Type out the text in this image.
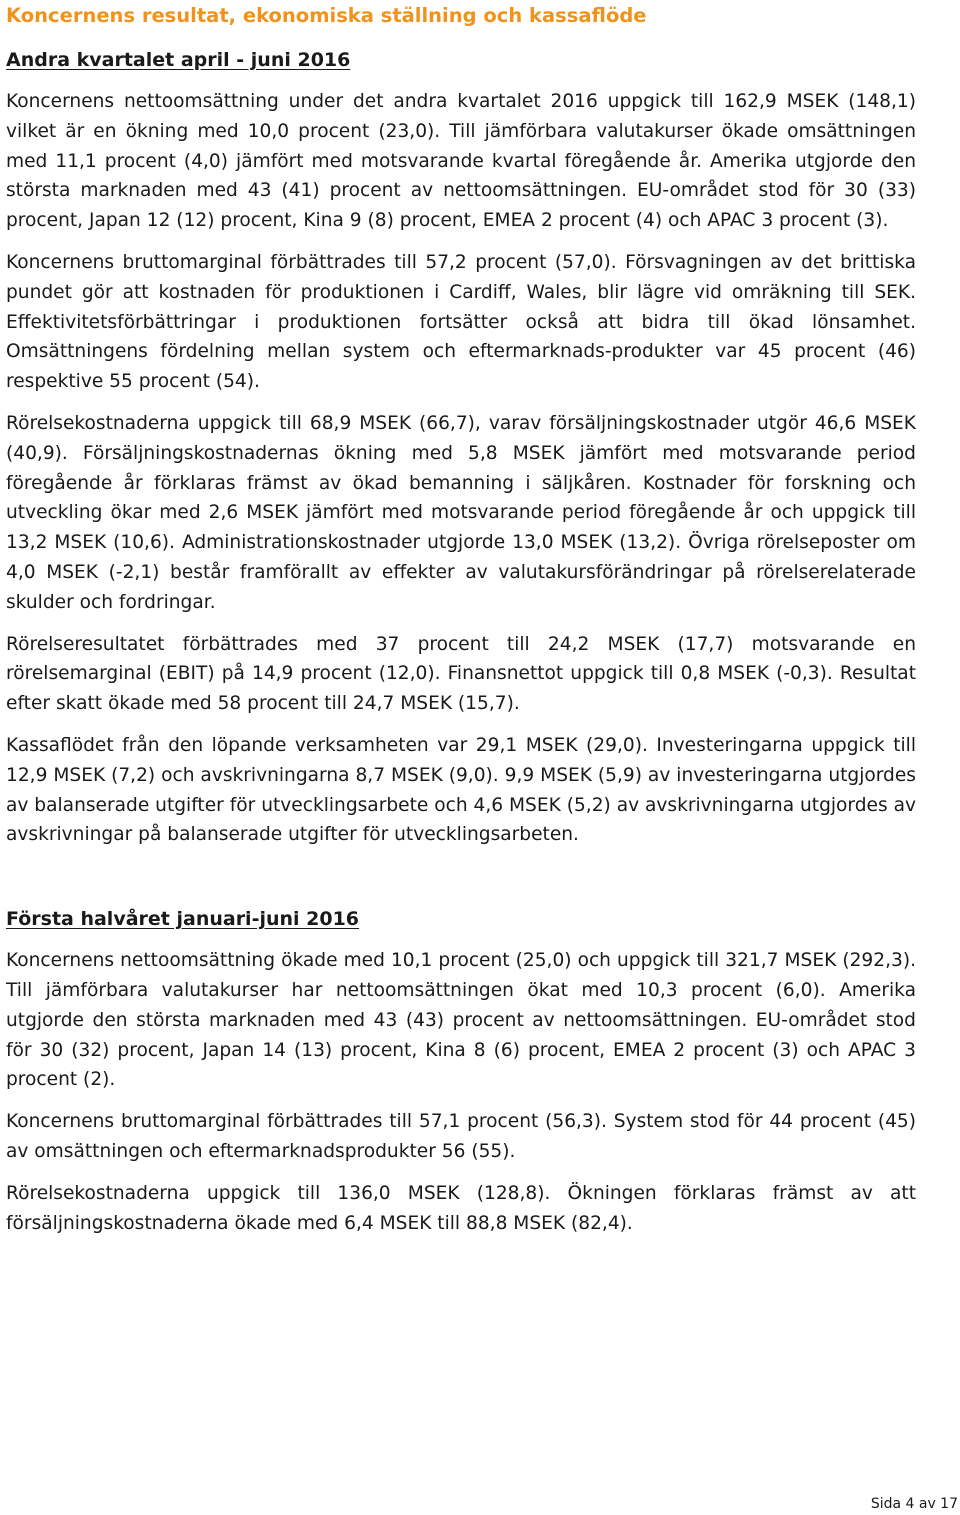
Koncernens resultat, ekonomiska ställning och kassaflöde
Andra kvartalet april - juni 2016

Koncernens nettoomsättning under det andra kvartalet 2016 uppgick till 162,9 MSEK (148,1) vilket är en ökning med 10,0 procent (23,0). Till jämförbara valutakurser ökade omsättningen med 11,1 procent (4,0) jämfört med motsvarande kvartal föregående år. Amerika utgjorde den största marknaden med 43 (41) procent av nettoomsättningen. EU-området stod för 30 (33) procent, Japan 12 (12) procent, Kina 9 (8) procent, EMEA 2 procent (4) och APAC 3 procent (3).

Koncernens bruttomarginal förbättrades till 57,2 procent (57,0). Försvagningen av det brittiska pundet gör att kostnaden för produktionen i Cardiff, Wales, blir lägre vid omräkning till SEK. Effektivitetsförbättringar i produktionen fortsätter också att bidra till ökad lönsamhet. Omsättningens fördelning mellan system och eftermarknads-produkter var 45 procent (46) respektive 55 procent (54).

Rörelsekostnaderna uppgick till 68,9 MSEK (66,7), varav försäljningskostnader utgör 46,6 MSEK (40,9). Försäljningskostnadernas ökning med 5,8 MSEK jämfört med motsvarande period föregående år förklaras främst av ökad bemanning i säljkåren. Kostnader för forskning och utveckling ökar med 2,6 MSEK jämfört med motsvarande period föregående år och uppgick till 13,2 MSEK (10,6). Administrationskostnader utgjorde 13,0 MSEK (13,2). Övriga rörelseposter om 4,0 MSEK (-2,1) består framförallt av effekter av valutakursförändringar på rörelserelaterade skulder och fordringar.

Rörelseresultatet förbättrades med 37 procent till 24,2 MSEK (17,7) motsvarande en rörelsemarginal (EBIT) på 14,9 procent (12,0). Finansnettot uppgick till 0,8 MSEK (-0,3). Resultat efter skatt ökade med 58 procent till 24,7 MSEK (15,7).

Kassaflödet från den löpande verksamheten var 29,1 MSEK (29,0). Investeringarna uppgick till 12,9 MSEK (7,2) och avskrivningarna 8,7 MSEK (9,0). 9,9 MSEK (5,9) av investeringarna utgjordes av balanserade utgifter för utvecklingsarbete och 4,6 MSEK (5,2) av avskrivningarna utgjordes av avskrivningar på balanserade utgifter för utvecklingsarbeten.

Första halvåret januari-juni 2016

Koncernens nettoomsättning ökade med 10,1 procent (25,0) och uppgick till 321,7 MSEK (292,3). Till jämförbara valutakurser har nettoomsättningen ökat med 10,3 procent (6,0). Amerika utgjorde den största marknaden med 43 (43) procent av nettoomsättningen. EU-området stod för 30 (32) procent, Japan 14 (13) procent, Kina 8 (6) procent, EMEA 2 procent (3) och APAC 3 procent (2).

Koncernens bruttomarginal förbättrades till 57,1 procent (56,3). System stod för 44 procent (45) av omsättningen och eftermarknadsprodukter 56 (55).

Rörelsekostnaderna uppgick till 136,0 MSEK (128,8). Ökningen förklaras främst av att försäljningskostnaderna ökade med 6,4 MSEK till 88,8 MSEK (82,4).

Sida 4 av 17
